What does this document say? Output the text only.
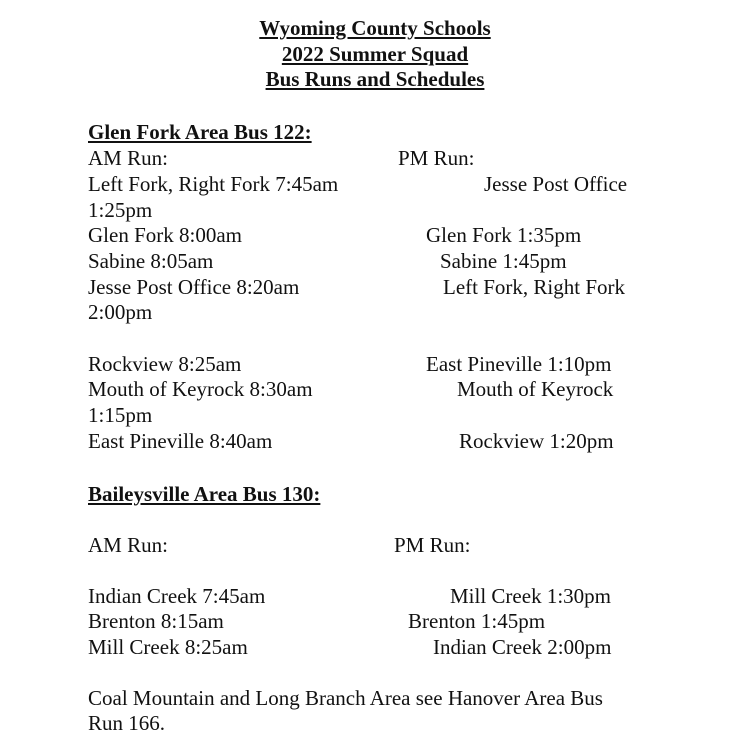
Wyoming County Schools
2022 Summer Squad
Bus Runs and Schedules
Glen Fork Area Bus 122:
AM Run:	PM Run:
Left Fork, Right Fork 7:45am	Jesse Post Office
1:25pm
Glen Fork 8:00am	Glen Fork 1:35pm
Sabine 8:05am	Sabine 1:45pm
Jesse Post Office 8:20am	Left Fork, Right Fork
2:00pm
Rockview 8:25am	East Pineville 1:10pm
Mouth of Keyrock 8:30am	Mouth of Keyrock
1:15pm
East Pineville 8:40am	Rockview 1:20pm
Baileysville Area Bus 130:
AM Run:	PM Run:
Indian Creek 7:45am	Mill Creek 1:30pm
Brenton 8:15am	Brenton 1:45pm
Mill Creek 8:25am	Indian Creek 2:00pm
Coal Mountain and Long Branch Area see Hanover Area Bus
Run 166.
